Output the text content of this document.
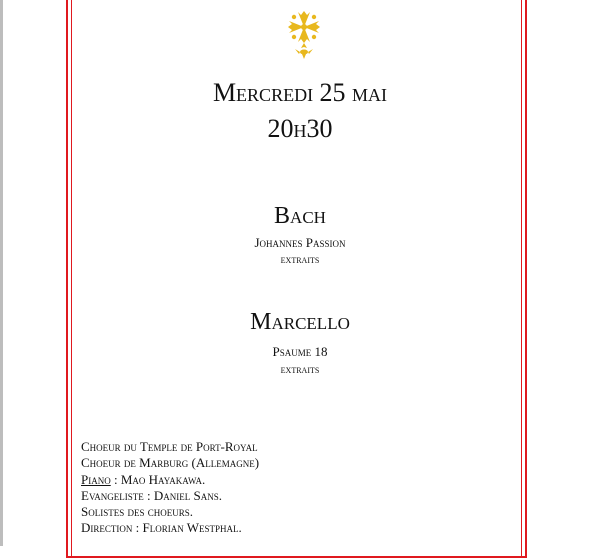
Mercredi 25 mai
20h30
Bach
Johannes Passion
extraits
Marcello
Psaume 18
extraits
Choeur du Temple de Port-Royal
Choeur de Marburg (Allemagne)
Piano : Mao Hayakawa.
Evangeliste : Daniel Sans.
Solistes des choeurs.
Direction : Florian Westphal.
